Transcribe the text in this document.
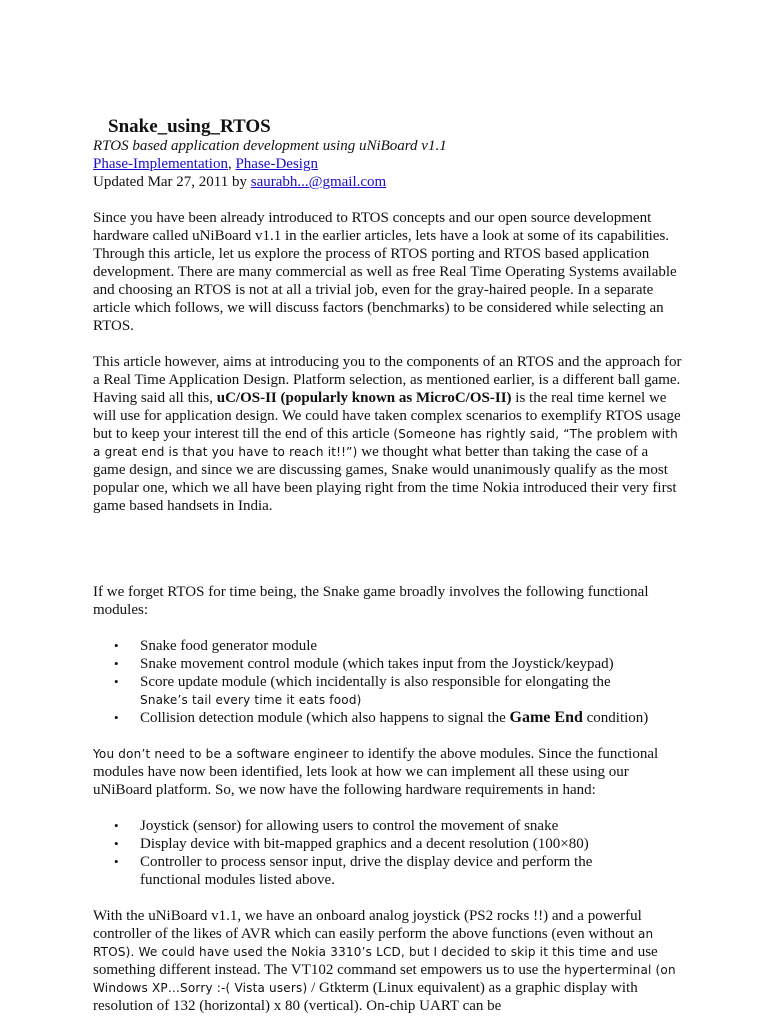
Snake_using_RTOS
RTOS based application development using uNiBoard v1.1
Phase-Implementation, Phase-Design
Updated Mar 27, 2011 by saurabh...@gmail.com

Since you have been already introduced to RTOS concepts and our open source development hardware called uNiBoard v1.1 in the earlier articles, lets have a look at some of its capabilities. Through this article, let us explore the process of RTOS porting and RTOS based application development. There are many commercial as well as free Real Time Operating Systems available and choosing an RTOS is not at all a trivial job, even for the gray-haired people. In a separate article which follows, we will discuss factors (benchmarks) to be considered while selecting an RTOS.

This article however, aims at introducing you to the components of an RTOS and the approach for a Real Time Application Design. Platform selection, as mentioned earlier, is a different ball game. Having said all this, uC/OS-II (popularly known as MicroC/OS-II) is the real time kernel we will use for application design. We could have taken complex scenarios to exemplify RTOS usage but to keep your interest till the end of this article (Someone has rightly said, “The problem with a great end is that you have to reach it!!”) we thought what better than taking the case of a game design, and since we are discussing games, Snake would unanimously qualify as the most popular one, which we all have been playing right from the time Nokia introduced their very first game based handsets in India.

If we forget RTOS for time being, the Snake game broadly involves the following functional modules:

• Snake food generator module
• Snake movement control module (which takes input from the Joystick/keypad)
• Score update module (which incidentally is also responsible for elongating the
Snake’s tail every time it eats food)
• Collision detection module (which also happens to signal the Game End condition)

You don’t need to be a software engineer to identify the above modules. Since the functional modules have now been identified, lets look at how we can implement all these using our uNiBoard platform. So, we now have the following hardware requirements in hand:

• Joystick (sensor) for allowing users to control the movement of snake
• Display device with bit-mapped graphics and a decent resolution (100×80)
• Controller to process sensor input, drive the display device and perform the functional modules listed above.

With the uNiBoard v1.1, we have an onboard analog joystick (PS2 rocks !!) and a powerful controller of the likes of AVR which can easily perform the above functions (even without an RTOS). We could have used the Nokia 3310’s LCD, but I decided to skip it this time and use something different instead. The VT102 command set empowers us to use the hyperterminal (on Windows XP…Sorry :-( Vista users) / Gtkterm (Linux equivalent) as a graphic display with resolution of 132 (horizontal) x 80 (vertical). On-chip UART can be
